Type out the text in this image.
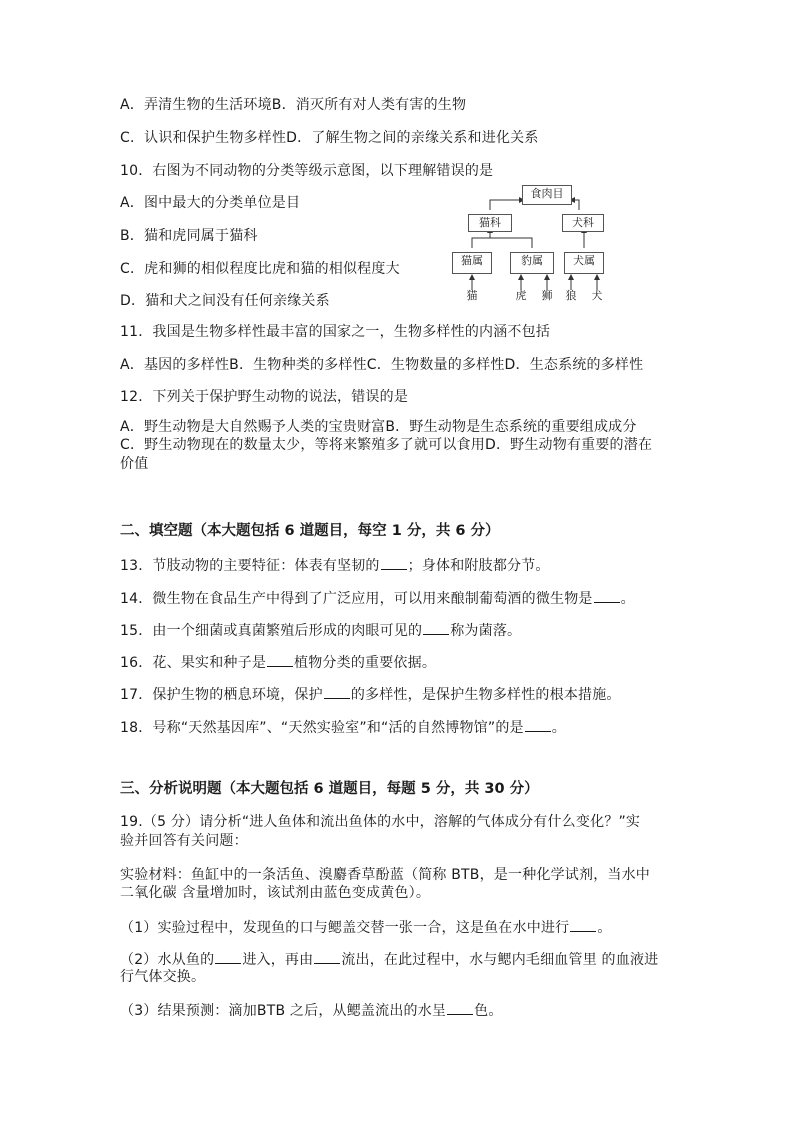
A．弄清生物的生活环境B．消灭所有对人类有害的生物
C．认识和保护生物多样性D．了解生物之间的亲缘关系和进化关系
10．右图为不同动物的分类等级示意图，以下理解错误的是
A．图中最大的分类单位是目
B．猫和虎同属于猫科
C．虎和狮的相似程度比虎和猫的相似程度大
D．猫和犬之间没有任何亲缘关系
食肉目
猫科	犬科
猫属	豹属	犬属
猫	虎	狮	狼	犬
11．我国是生物多样性最丰富的国家之一，生物多样性的内涵不包括
A．基因的多样性B．生物种类的多样性C．生物数量的多样性D．生态系统的多样性
12．下列关于保护野生动物的说法，错误的是
A．野生动物是大自然赐予人类的宝贵财富B．野生动物是生态系统的重要组成成分
C．野生动物现在的数量太少，等将来繁殖多了就可以食用D．野生动物有重要的潜在
价值
二、填空题（本大题包括 6 道题目，每空 1 分，共 6 分）
13．节肢动物的主要特征：体表有坚韧的 ；身体和附肢都分节。
14．微生物在食品生产中得到了广泛应用，可以用来酿制葡萄酒的微生物是 。
15．由一个细菌或真菌繁殖后形成的肉眼可见的 称为菌落。
16．花、果实和种子是 植物分类的重要依据。
17．保护生物的栖息环境，保护 的多样性，是保护生物多样性的根本措施。
18．号称“天然基因库”、“天然实验室”和“活的自然博物馆”的是 。
三、分析说明题（本大题包括 6 道题目，每题 5 分，共 30 分）
19.（5 分）请分析“进人鱼体和流出鱼体的水中，溶解的气体成分有什么变化？”实
验并回答有关问题：
实验材料：鱼缸中的一条活鱼、溴麝香草酚蓝（简称 BTB，是一种化学试剂，当水中
二氧化碳 含量增加时，该试剂由蓝色变成黄色）。
（1）实验过程中，发现鱼的口与鳃盖交替一张一合，这是鱼在水中进行 。
（2）水从鱼的 进入，再由 流出，在此过程中，水与鳃内毛细血管里 的血液进
行气体交换。
（3）结果预测：滴加BTB 之后，从鳃盖流出的水呈 色。
